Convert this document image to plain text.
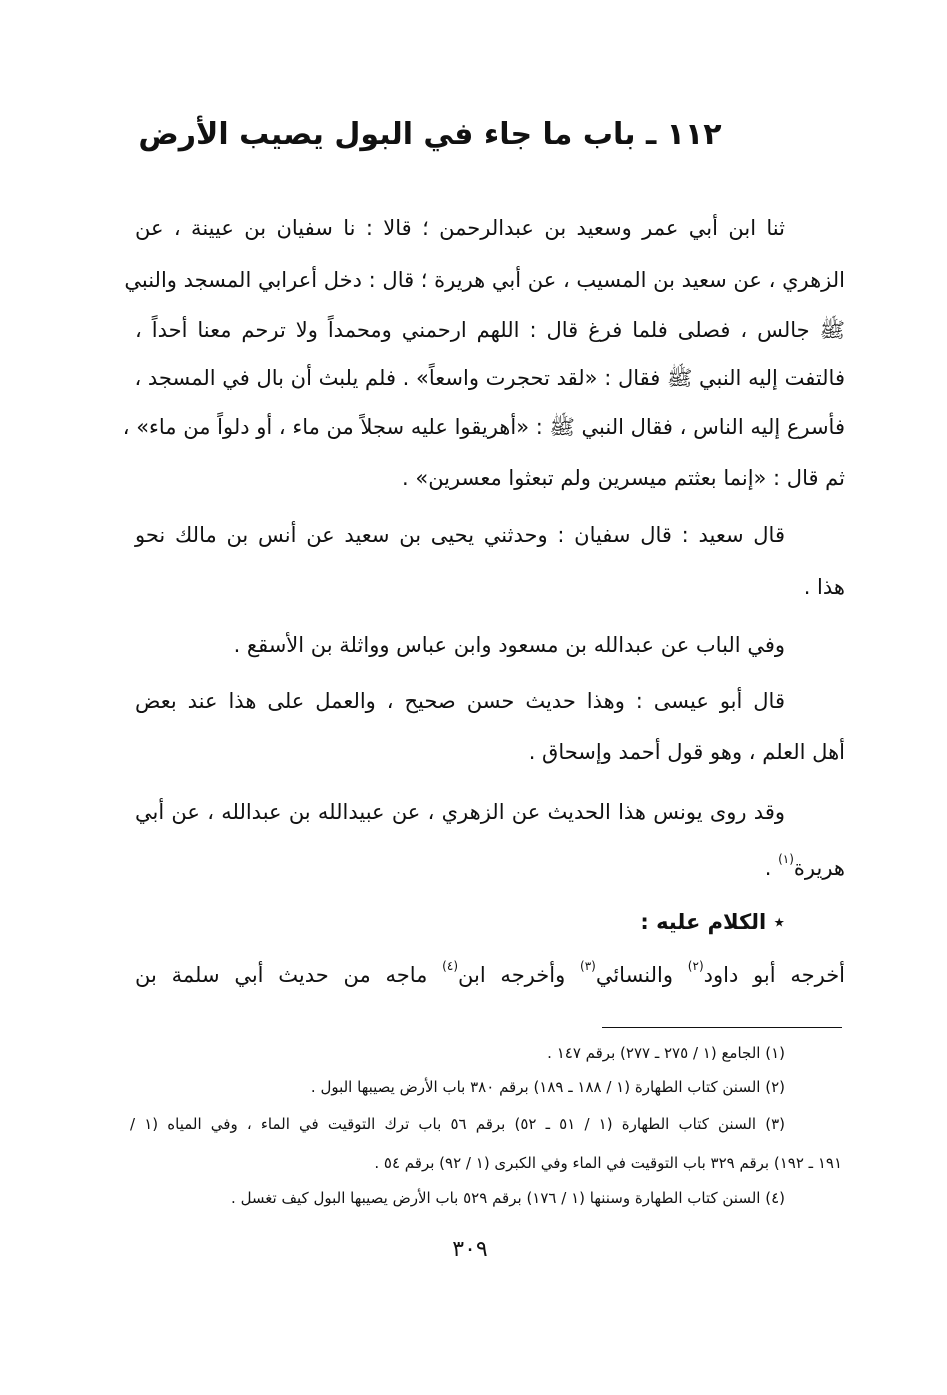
١١٢ ـ باب ما جاء في البول يصيب الأرض
ثنا ابن أبي عمر وسعيد بن عبدالرحمن ؛ قالا : نا سفيان بن عيينة ، عن
الزهري ، عن سعيد بن المسيب ، عن أبي هريرة ؛ قال : دخل أعرابي المسجد والنبي
ﷺ جالس ، فصلى فلما فرغ قال : اللهم ارحمني ومحمداً ولا ترحم معنا أحداً ،
فالتفت إليه النبي ﷺ فقال : «لقد تحجرت واسعاً» . فلم يلبث أن بال في المسجد ،
فأسرع إليه الناس ، فقال النبي ﷺ : «أهريقوا عليه سجلاً من ماء ، أو دلواً من ماء» ،
ثم قال : «إنما بعثتم ميسرين ولم تبعثوا معسرين» .
قال سعيد : قال سفيان : وحدثني يحيى بن سعيد عن أنس بن مالك نحو
هذا .
وفي الباب عن عبدالله بن مسعود وابن عباس وواثلة بن الأسقع .
قال أبو عيسى : وهذا حديث حسن صحيح ، والعمل على هذا عند بعض
أهل العلم ، وهو قول أحمد وإسحاق .
وقد روى يونس هذا الحديث عن الزهري ، عن عبيدالله بن عبدالله ، عن أبي
هريرة$^{(١)}$ .
٭ الكلام عليه :
أخرجه أبو داود$^{(٢)}$ والنسائي$^{(٣)}$ وأخرجه ابن$^{(٤)}$ ماجه من حديث أبي سلمة بن
(١) الجامع (١ / ٢٧٥ ـ ٢٧٧) برقم ١٤٧ .
(٢) السنن كتاب الطهارة (١ / ١٨٨ ـ ١٨٩) برقم ٣٨٠ باب الأرض يصيبها البول .
(٣) السنن كتاب الطهارة (١ / ٥١ ـ ٥٢) برقم ٥٦ باب ترك التوقيت في الماء ، وفي المياه (١ /
١٩١ ـ ١٩٢) برقم ٣٢٩ باب التوقيت في الماء وفي الكبرى (١ / ٩٢) برقم ٥٤ .
(٤) السنن كتاب الطهارة وسننها (١ / ١٧٦) برقم ٥٢٩ باب الأرض يصيبها البول كيف تغسل .
٣٠٩
